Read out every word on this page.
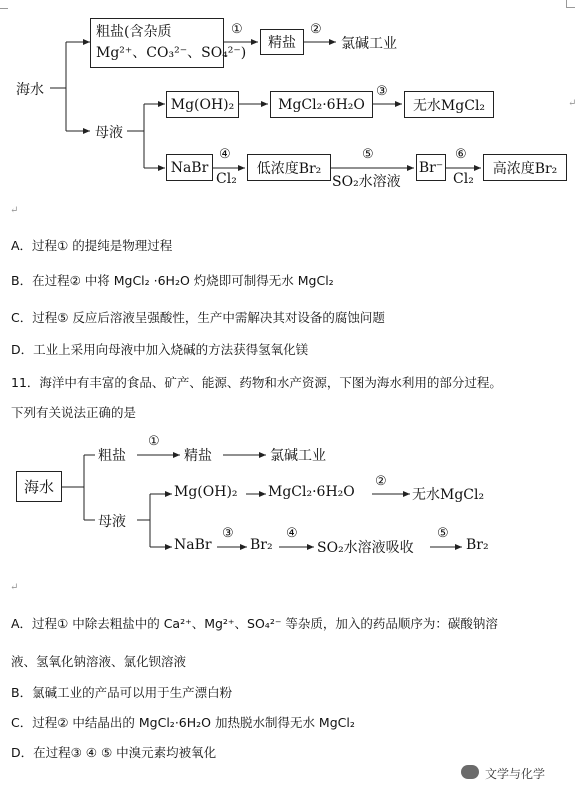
海水
粗盐(含杂质
Mg²⁺、CO₃²⁻、SO₄²⁻)
①
精盐
②
氯碱工业
母液
Mg(OH)₂	MgCl₂·6H₂O
③
无水MgCl₂	↵
NaBr
④
Cl₂
低浓度Br₂
⑤
SO₂水溶液
Br⁻
⑥
Cl₂
高浓度Br₂
↵
A．过程① 的提纯是物理过程
B．在过程② 中将 MgCl₂ ·6H₂O 灼烧即可制得无水 MgCl₂
C．过程⑤ 反应后溶液呈强酸性，生产中需解决其对设备的腐蚀问题
D．工业上采用向母液中加入烧碱的方法获得氢氧化镁
11．海洋中有丰富的食品、矿产、能源、药物和水产资源，下图为海水利用的部分过程。
下列有关说法正确的是
海水
粗盐
①
精盐	氯碱工业
母液
Mg(OH)₂ MgCl₂·6H₂O
②
无水MgCl₂
NaBr
③
Br₂
④
SO₂水溶液吸收
⑤
Br₂
↵
A．过程① 中除去粗盐中的 Ca²⁺、Mg²⁺、SO₄²⁻ 等杂质，加入的药品顺序为：碳酸钠溶
液、氢氧化钠溶液、氯化钡溶液
B．氯碱工业的产品可以用于生产漂白粉
C．过程② 中结晶出的 MgCl₂·6H₂O 加热脱水制得无水 MgCl₂
D．在过程③ ④ ⑤ 中溴元素均被氧化
文学与化学
